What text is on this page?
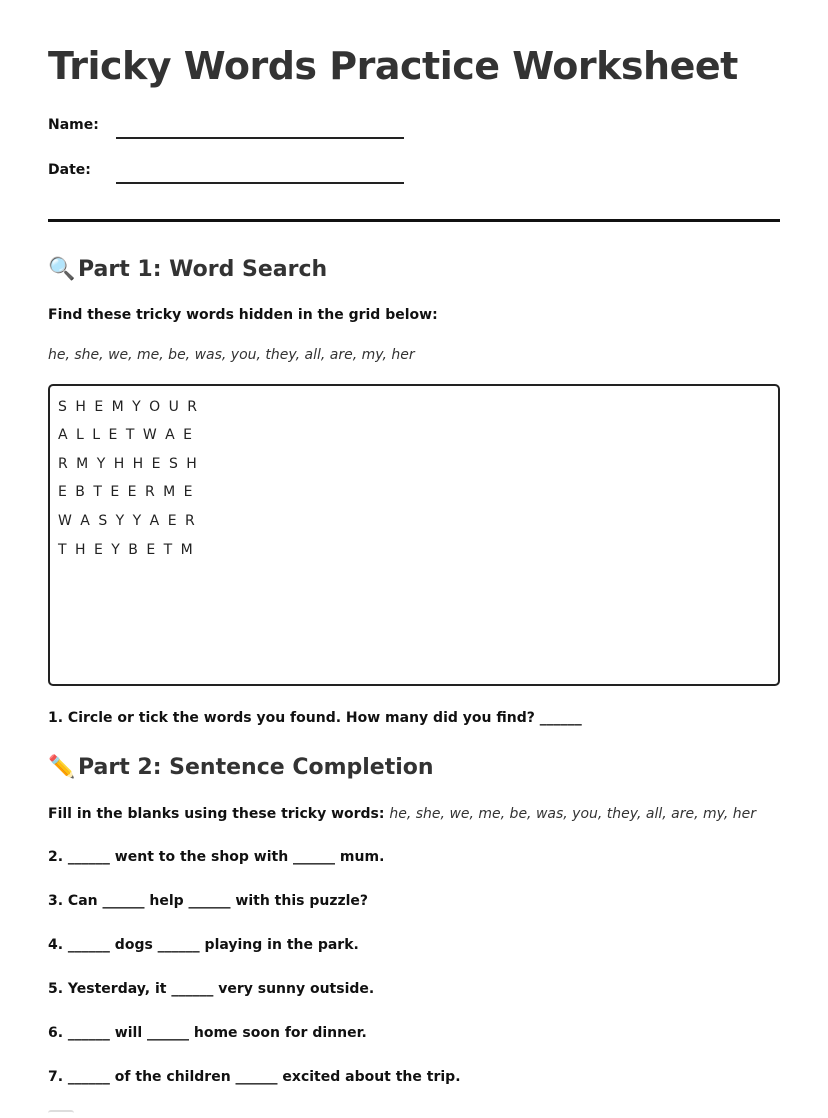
Tricky Words Practice Worksheet
Name:
Date:
🔍 Part 1: Word Search
Find these tricky words hidden in the grid below:
he, she, we, me, be, was, you, they, all, are, my, her
S H E M Y O U R
A L L E T W A E
R M Y H H E S H
E B T E E R M E
W A S Y Y A E R
T H E Y B E T M
1. Circle or tick the words you found. How many did you find? ______
✏️ Part 2: Sentence Completion
Fill in the blanks using these tricky words: he, she, we, me, be, was, you, they, all, are, my, her
2. ______ went to the shop with ______ mum.
3. Can ______ help ______ with this puzzle?
4. ______ dogs ______ playing in the park.
5. Yesterday, it ______ very sunny outside.
6. ______ will ______ home soon for dinner.
7. ______ of the children ______ excited about the trip.
